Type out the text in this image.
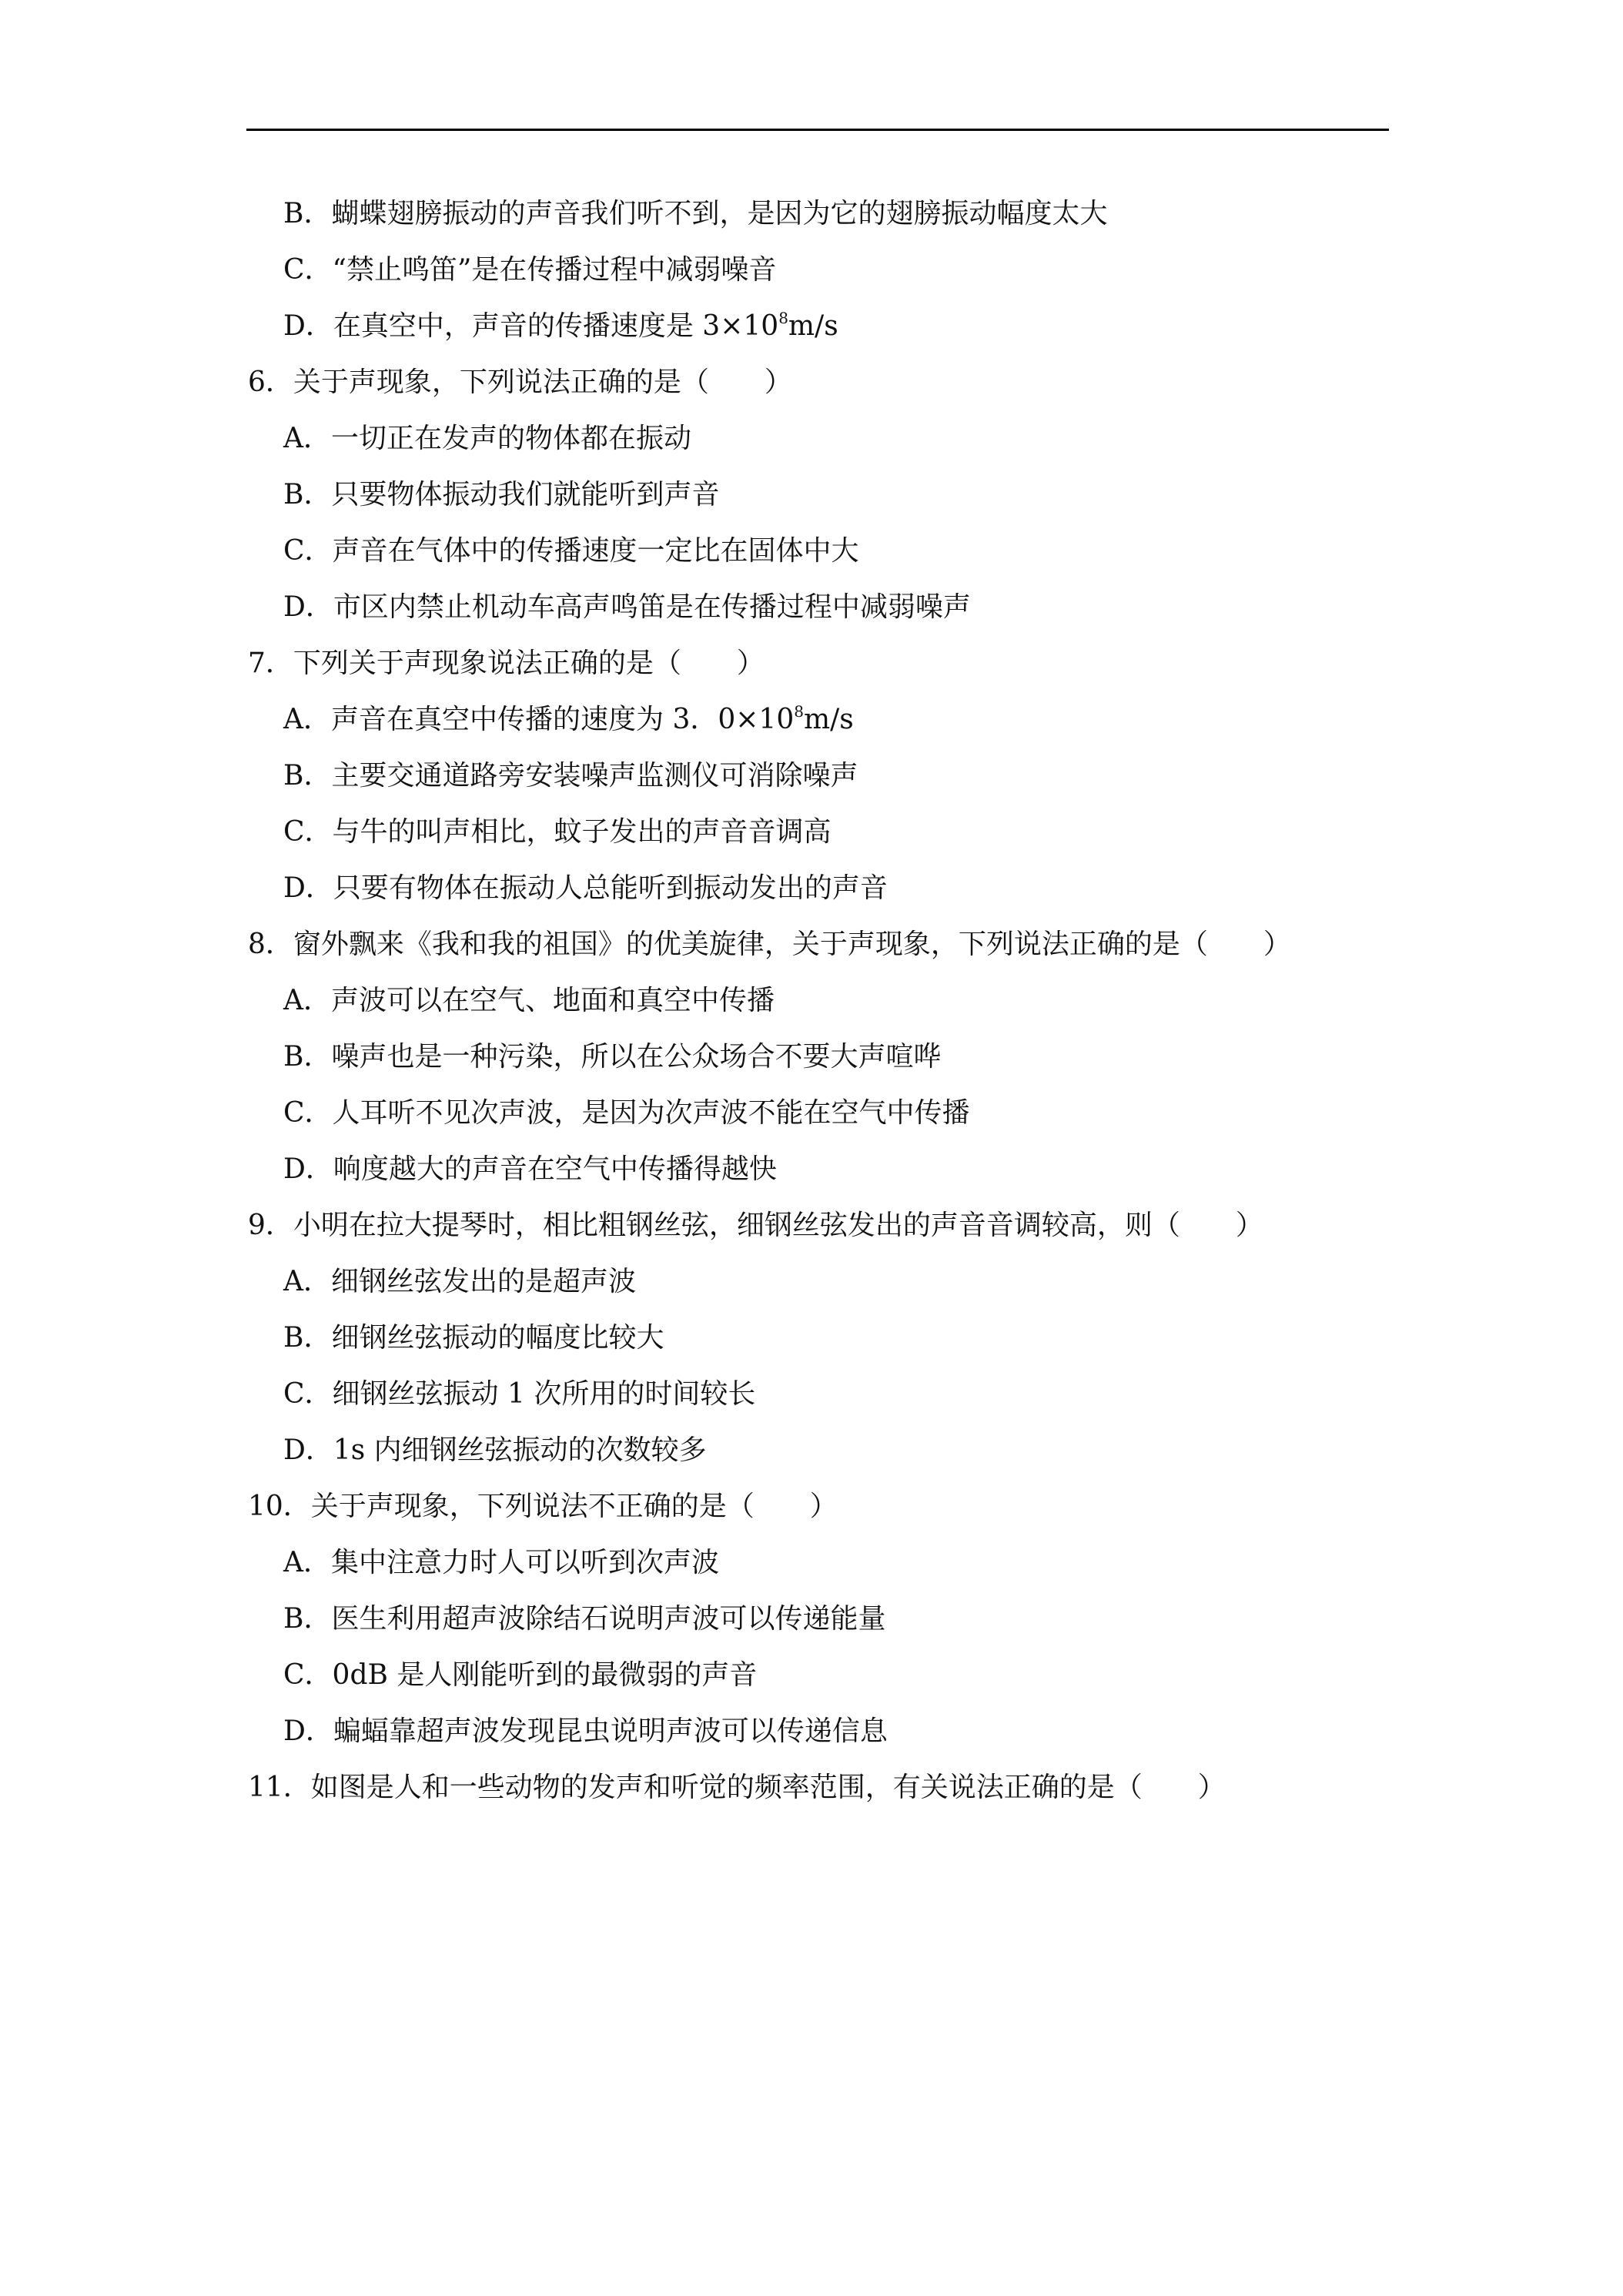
B．蝴蝶翅膀振动的声音我们听不到，是因为它的翅膀振动幅度太大
C．“禁止鸣笛”是在传播过程中减弱噪音
D．在真空中，声音的传播速度是 $3\times 10^8m/s$
6．关于声现象，下列说法正确的是（　　）
A．一切正在发声的物体都在振动
B．只要物体振动我们就能听到声音
C．声音在气体中的传播速度一定比在固体中大
D．市区内禁止机动车高声鸣笛是在传播过程中减弱噪声
7．下列关于声现象说法正确的是（　　）
A．声音在真空中传播的速度为 3．$0\times 10^8m/s$
B．主要交通道路旁安装噪声监测仪可消除噪声
C．与牛的叫声相比，蚊子发出的声音音调高
D．只要有物体在振动人总能听到振动发出的声音
8．窗外飘来《我和我的祖国》的优美旋律，关于声现象，下列说法正确的是（　　）
A．声波可以在空气、地面和真空中传播
B．噪声也是一种污染，所以在公众场合不要大声喧哗
C．人耳听不见次声波，是因为次声波不能在空气中传播
D．响度越大的声音在空气中传播得越快
9．小明在拉大提琴时，相比粗钢丝弦，细钢丝弦发出的声音音调较高，则（　　）
A．细钢丝弦发出的是超声波
B．细钢丝弦振动的幅度比较大
C．细钢丝弦振动 1 次所用的时间较长
D．1s 内细钢丝弦振动的次数较多
10．关于声现象，下列说法不正确的是（　　）
A．集中注意力时人可以听到次声波
B．医生利用超声波除结石说明声波可以传递能量
C．0dB 是人刚能听到的最微弱的声音
D．蝙蝠靠超声波发现昆虫说明声波可以传递信息
11．如图是人和一些动物的发声和听觉的频率范围，有关说法正确的是（　　）
